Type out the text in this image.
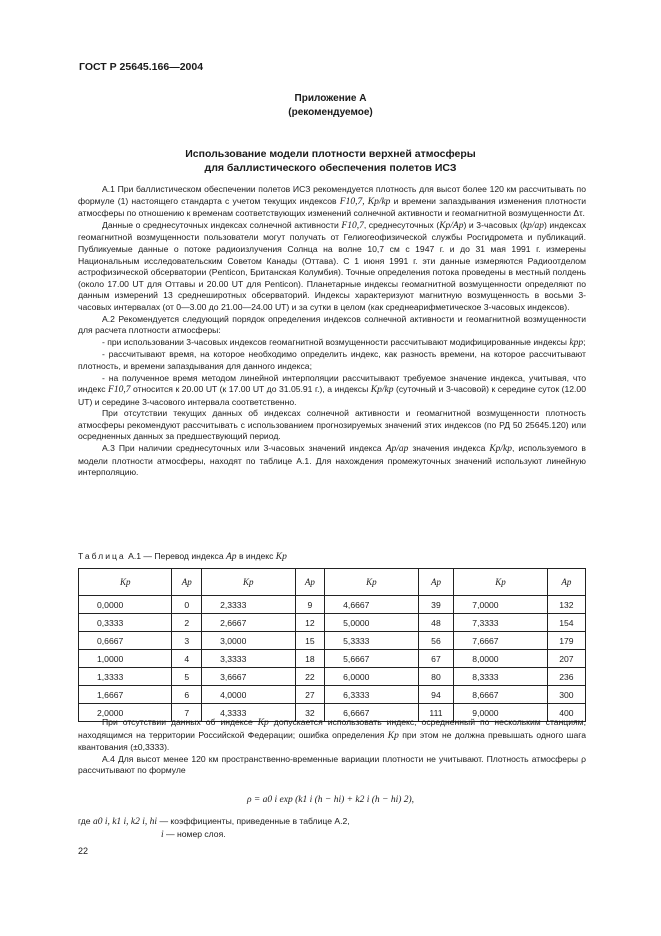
ГОСТ Р 25645.166—2004
Приложение А
(рекомендуемое)
Использование модели плотности верхней атмосферы
для баллистического обеспечения полетов ИСЗ

А.1 При баллистическом обеспечении полетов ИСЗ рекомендуется плотность для высот более 120 км рассчитывать по формуле (1) настоящего стандарта с учетом текущих индексов F10,7, Kp/kp и времени запаздывания изменения плотности атмосферы по отношению к временам соответствующих изменений солнечной активности и геомагнитной возмущенности Δτ.

Данные о среднесуточных индексах солнечной активности F10,7, среднесуточных (Kp/Ap) и 3-часовых (kp/ap) индексах геомагнитной возмущенности пользователи могут получать от Гелиогеофизической службы Росгидромета и публикаций. Публикуемые данные о потоке радиоизлучения Солнца на волне 10,7 см с 1947 г. и до 31 мая 1991 г. измерены Национальным исследовательским Советом Канады (Оттава). С 1 июня 1991 г. эти данные измеряются Радиоотделом астрофизической обсерватории (Penticon, Британская Колумбия). Точные определения потока проведены в местный полдень (около 17.00 UT для Оттавы и 20.00 UT для Penticon). Планетарные индексы геомагнитной возмущенности определяют по данным измерений 13 среднеширотных обсерваторий. Индексы характеризуют магнитную возмущенность в восьми 3-часовых интервалах (от 0—3.00 до 21.00—24.00 UT) и за сутки в целом (как среднеарифметическое 3-часовых индексов).

А.2 Рекомендуется следующий порядок определения индексов солнечной активности и геомагнитной возмущенности для расчета плотности атмосферы:

- при использовании 3-часовых индексов геомагнитной возмущенности рассчитывают модифицированные индексы kpp;

- рассчитывают время, на которое необходимо определить индекс, как разность времени, на которое рассчитывают плотность, и времени запаздывания для данного индекса;

- на полученное время методом линейной интерполяции рассчитывают требуемое значение индекса, учитывая, что индекс F10,7 относится к 20.00 UT (к 17.00 UT до 31.05.91 г.), а индексы Kp/kp (суточный и 3-часовой) к середине суток (12.00 UT) и середине 3-часового интервала соответственно.

При отсутствии текущих данных об индексах солнечной активности и геомагнитной возмущенности плотность атмосферы рекомендуют рассчитывать с использованием прогнозируемых значений этих индексов (по РД 50 25645.120) или осредненных данных за предшествующий период.

А.3 При наличии среднесуточных или 3-часовых значений индекса Ap/ap значения индекса Kp/kp, используемого в модели плотности атмосферы, находят по таблице А.1. Для нахождения промежуточных значений используют линейную интерполяцию.

Таблица А.1 — Перевод индекса Ap в индекс Kp
Kp	Ap	Kp	Ap	Kp	Ap	Kp	Ap
0,0000	0	2,3333	9	4,6667	39	7,0000	132
0,3333	2	2,6667	12	5,0000	48	7,3333	154
0,6667	3	3,0000	15	5,3333	56	7,6667	179
1,0000	4	3,3333	18	5,6667	67	8,0000	207
1,3333	5	3,6667	22	6,0000	80	8,3333	236
1,6667	6	4,0000	27	6,3333	94	8,6667	300
2,0000	7	4,3333	32	6,6667	111	9,0000	400

При отсутствии данных об индексе Kp допускается использовать индекс, осредненный по нескольким станциям, находящимся на территории Российской Федерации; ошибка определения Kp при этом не должна превышать одного шага квантования (±0,3333).

А.4 Для высот менее 120 км пространственно-временные вариации плотности не учитывают. Плотность атмосферы ρ рассчитывают по формуле

ρ = a0 i exp (k1 i (h − hi) + k2 i (h − hi) 2),
где a0 i, k1 i, k2 i, hi — коэффициенты, приведенные в таблице А.2,
i — номер слоя.
22
